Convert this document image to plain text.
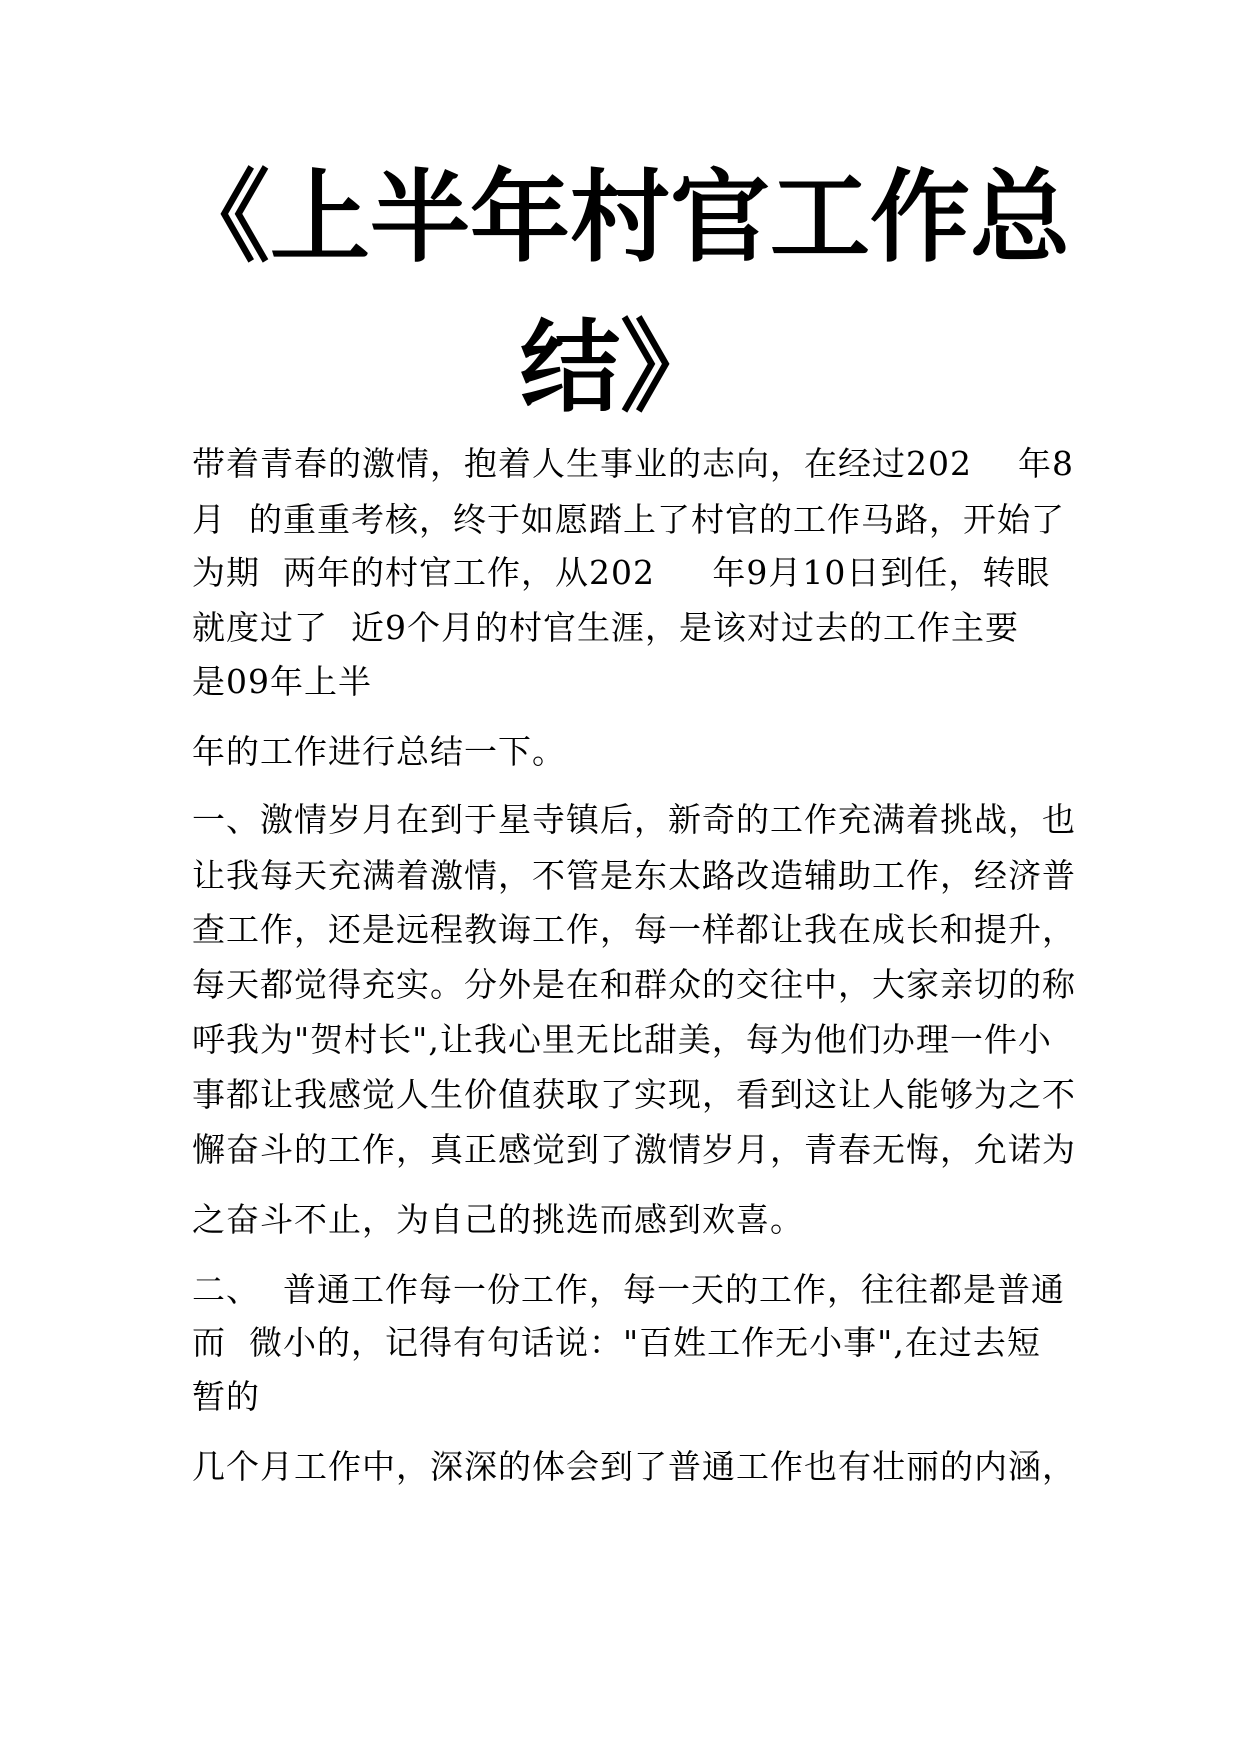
《上半年村官工作总
结》
带着青春的激情，抱着人生事业的志向，在经过202    年8
月  的重重考核，终于如愿踏上了村官的工作马路，开始了
为期  两年的村官工作，从202     年9月10日到任，转眼
就度过了  近9个月的村官生涯，是该对过去的工作主要
是09年上半
年的工作进行总结一下。
一、激情岁月在到于星寺镇后，新奇的工作充满着挑战，也
让我每天充满着激情，不管是东太路改造辅助工作，经济普
查工作，还是远程教诲工作，每一样都让我在成长和提升，
每天都觉得充实。分外是在和群众的交往中，大家亲切的称
呼我为"贺村长",让我心里无比甜美，每为他们办理一件小
事都让我感觉人生价值获取了实现，看到这让人能够为之不
懈奋斗的工作，真正感觉到了激情岁月，青春无悔，允诺为
之奋斗不止，为自己的挑选而感到欢喜。
二、  普通工作每一份工作，每一天的工作，往往都是普通
而  微小的，记得有句话说："百姓工作无小事",在过去短
暂的
几个月工作中，深深的体会到了普通工作也有壮丽的内涵，
